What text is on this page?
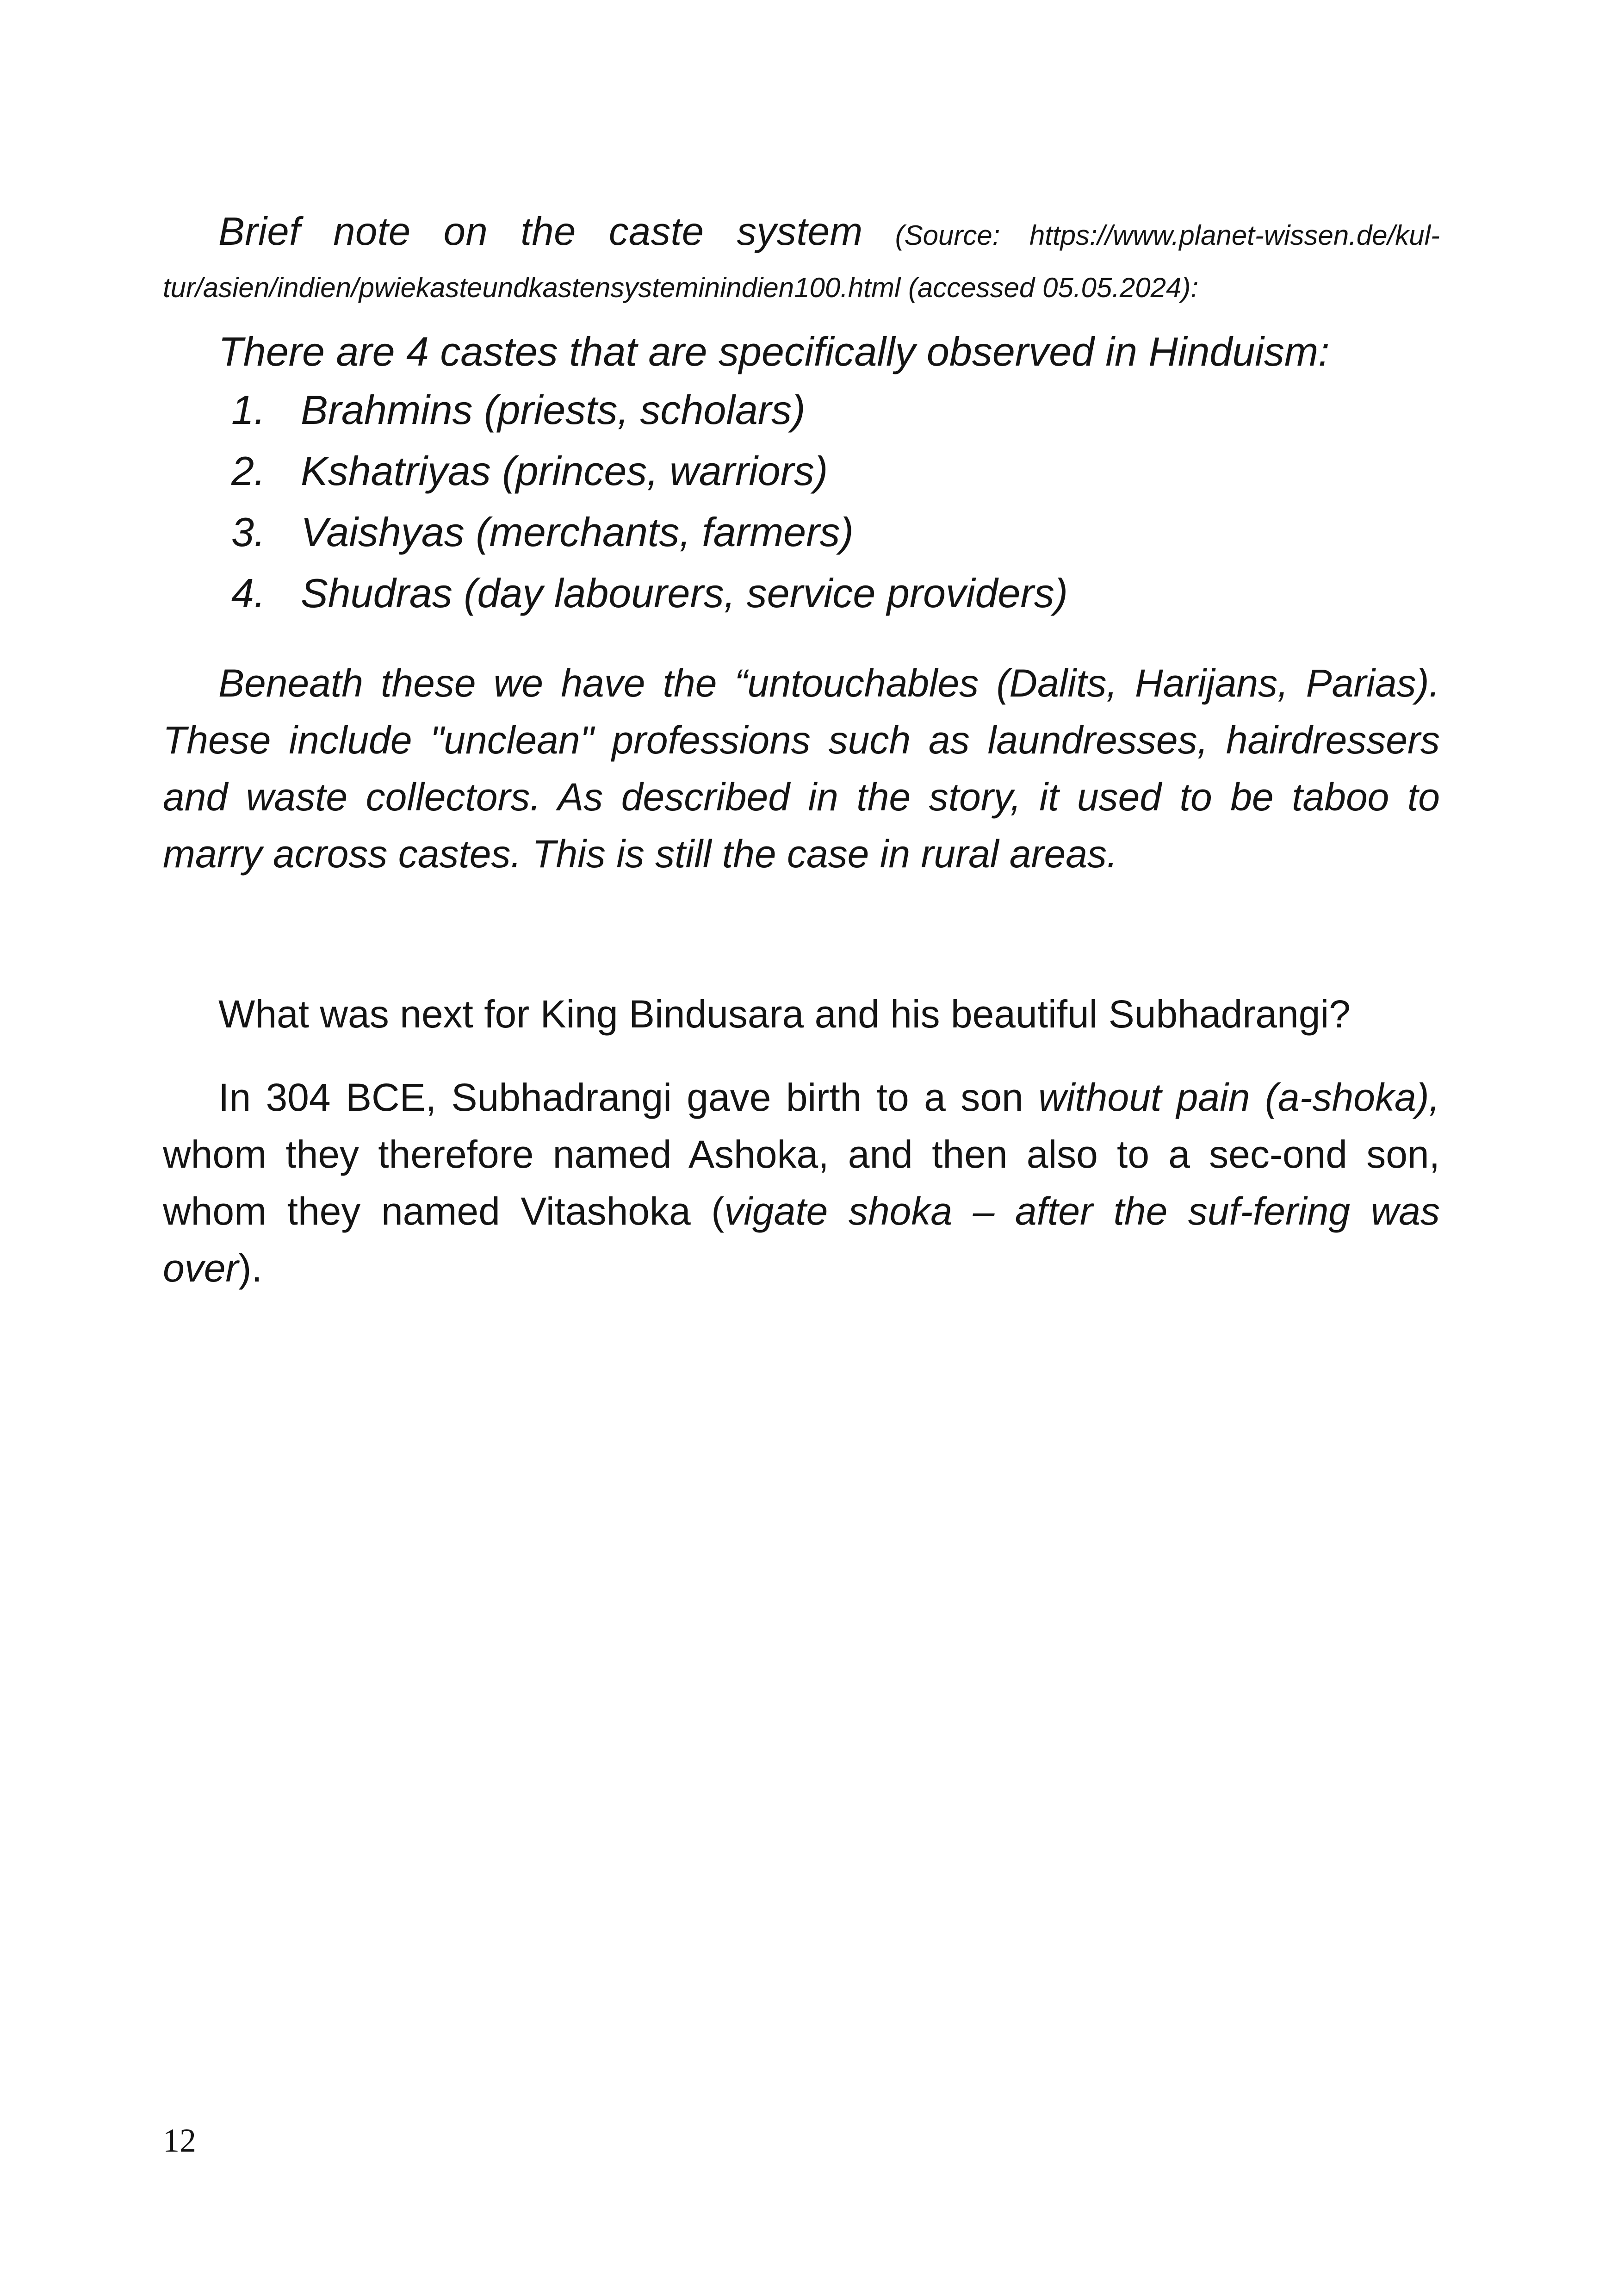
Brief note on the caste system (Source: https://www.planet-wissen.de/kul-tur/asien/indien/pwiekasteundkastensysteminindien100.html (accessed 05.05.2024):

There are 4 castes that are specifically observed in Hinduism:

1. Brahmins (priests, scholars)
2. Kshatriyas (princes, warriors)
3. Vaishyas (merchants, farmers)
4. Shudras (day labourers, service providers)

Beneath these we have the “untouchables (Dalits, Harijans, Parias). These include "unclean" professions such as laundresses, hairdressers and waste collectors. As described in the story, it used to be taboo to marry across castes. This is still the case in rural areas.

What was next for King Bindusara and his beautiful Subhadrangi?

In 304 BCE, Subhadrangi gave birth to a son without pain (a-shoka), whom they therefore named Ashoka, and then also to a sec-ond son, whom they named Vitashoka (vigate shoka – after the suf-fering was over).

12
